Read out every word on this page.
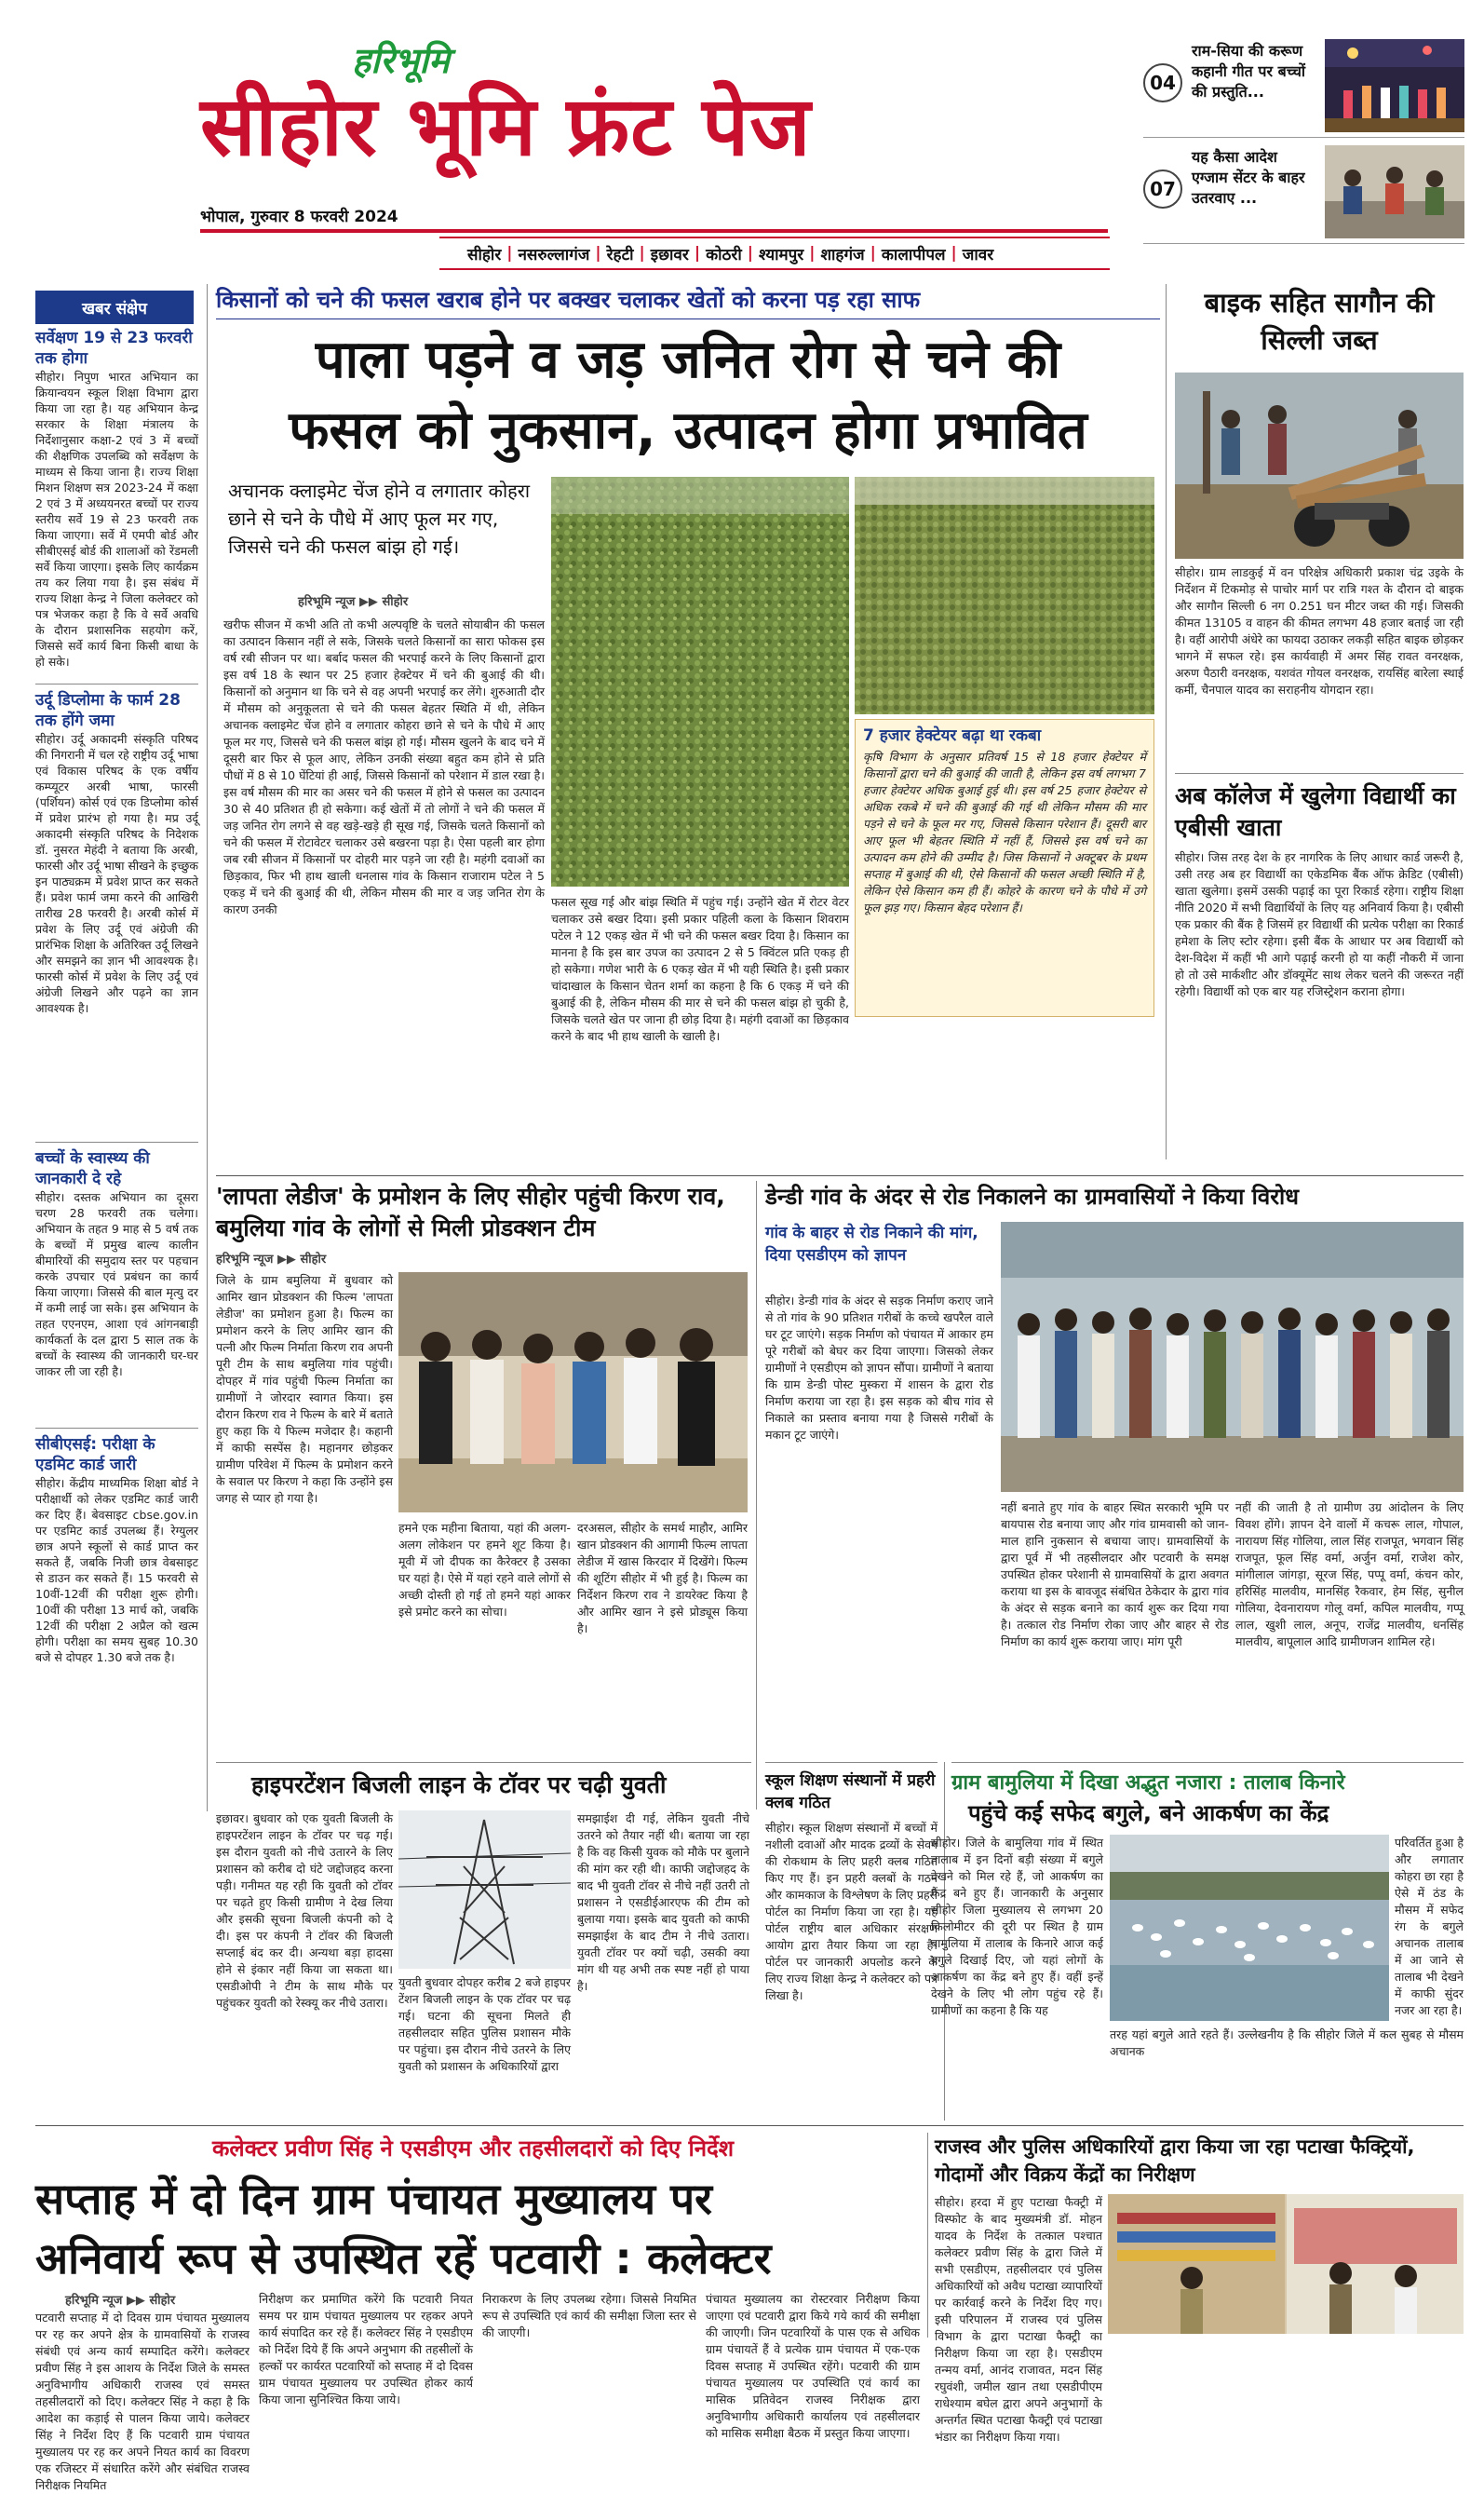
हरिभूमि
सीहोर भूमि फ्रंट पेज
भोपाल, गुरुवार 8 फरवरी 2024
सीहोर | नसरुल्लागंज | रेहटी | इछावर | कोठरी | श्यामपुर | शाहगंज | कालापीपल | जावर
04
राम-सिया की करूण कहानी गीत पर बच्चों की प्रस्तुति...
07
यह कैसा आदेश एग्जाम सेंटर के बाहर उतरवाए ...
खबर संक्षेप
सर्वेक्षण 19 से 23 फरवरी तक होगा
सीहोर। निपुण भारत अभियान का क्रियान्वयन स्कूल शिक्षा विभाग द्वारा किया जा रहा है। यह अभियान केन्द्र सरकार के शिक्षा मंत्रालय के निर्देशानुसार कक्षा-2 एवं 3 में बच्चों की शैक्षणिक उपलब्धि को सर्वेक्षण के माध्यम से किया जाना है। राज्य शिक्षा मिशन शिक्षण सत्र 2023-24 में कक्षा 2 एवं 3 में अध्ययनरत बच्चों पर राज्य स्तरीय सर्वे 19 से 23 फरवरी तक किया जाएगा। सर्वे में एमपी बोर्ड और सीबीएसई बोर्ड की शालाओं को रेंडमली सर्वे किया जाएगा। इसके लिए कार्यक्रम तय कर लिया गया है। इस संबंध में राज्य शिक्षा केन्द्र ने जिला कलेक्टर को पत्र भेजकर कहा है कि वे सर्वे अवधि के दौरान प्रशासनिक सहयोग करें, जिससे सर्वे कार्य बिना किसी बाधा के हो सके।
उर्दू डिप्लोमा के फार्म 28 तक होंगे जमा
सीहोर। उर्दू अकादमी संस्कृति परिषद की निगरानी में चल रहे राष्ट्रीय उर्दू भाषा एवं विकास परिषद के एक वर्षीय कम्प्यूटर अरबी भाषा, फारसी (पर्शियन) कोर्स एवं एक डिप्लोमा कोर्स में प्रवेश प्रारंभ हो गया है। मप्र उर्दू अकादमी संस्कृति परिषद के निदेशक डॉ. नुसरत मेहंदी ने बताया कि अरबी, फारसी और उर्दू भाषा सीखने के इच्छुक इन पाठ्यक्रम में प्रवेश प्राप्त कर सकते हैं। प्रवेश फार्म जमा करने की आखिरी तारीख 28 फरवरी है। अरबी कोर्स में प्रवेश के लिए उर्दू एवं अंग्रेजी की प्रारंभिक शिक्षा के अतिरिक्त उर्दू लिखने और समझने का ज्ञान भी आवश्यक है। फारसी कोर्स में प्रवेश के लिए उर्दू एवं अंग्रेजी लिखने और पढ़ने का ज्ञान आवश्यक है।
बच्चों के स्वास्थ्य की जानकारी दे रहे
सीहोर। दस्तक अभियान का दूसरा चरण 28 फरवरी तक चलेगा। अभियान के तहत 9 माह से 5 वर्ष तक के बच्चों में प्रमुख बाल्य कालीन बीमारियों की समुदाय स्तर पर पहचान करके उपचार एवं प्रबंधन का कार्य किया जाएगा। जिससे की बाल मृत्यु दर में कमी लाई जा सके। इस अभियान के तहत एएनएम, आशा एवं आंगनबाड़ी कार्यकर्ता के दल द्वारा 5 साल तक के बच्चों के स्वास्थ्य की जानकारी घर-घर जाकर ली जा रही है।
सीबीएसई: परीक्षा के एडमिट कार्ड जारी
सीहोर। केंद्रीय माध्यमिक शिक्षा बोर्ड ने परीक्षार्थी को लेकर एडमिट कार्ड जारी कर दिए हैं। बेवसाइट cbse.gov.in पर एडमिट कार्ड उपलब्ध हैं। रेग्युलर छात्र अपने स्कूलों से कार्ड प्राप्त कर सकते हैं, जबकि निजी छात्र वेबसाइट से डाउन कर सकते हैं। 15 फरवरी से 10वीं-12वीं की परीक्षा शुरू होगी। 10वीं की परीक्षा 13 मार्च को, जबकि 12वीं की परीक्षा 2 अप्रैल को खत्म होगी। परीक्षा का समय सुबह 10.30 बजे से दोपहर 1.30 बजे तक है।
किसानों को चने की फसल खराब होने पर बक्खर चलाकर खेतों को करना पड़ रहा साफ
पाला पड़ने व जड़ जनित रोग से चने की
फसल को नुकसान, उत्पादन होगा प्रभावित
अचानक क्लाइमेट चेंज होने व लगातार कोहरा छाने से चने के पौधे में आए फूल मर गए, जिससे चने की फसल बांझ हो गई।
हरिभूमि न्यूज ▶▶ सीहोर
खरीफ सीजन में कभी अति तो कभी अल्पवृष्टि के चलते सोयाबीन की फसल का उत्पादन किसान नहीं ले सके, जिसके चलते किसानों का सारा फोकस इस वर्ष रबी सीजन पर था। बर्बाद फसल की भरपाई करने के लिए किसानों द्वारा इस वर्ष 18 के स्थान पर 25 हजार हेक्टेयर में चने की बुआई की थी। किसानों को अनुमान था कि चने से वह अपनी भरपाई कर लेंगे। शुरुआती दौर में मौसम को अनुकूलता से चने की फसल बेहतर स्थिति में थी, लेकिन अचानक क्लाइमेट चेंज होने व लगातार कोहरा छाने से चने के पौधे में आए फूल मर गए, जिससे चने की फसल बांझ हो गई। मौसम खुलने के बाद चने में दूसरी बार फिर से फूल आए, लेकिन उनकी संख्या बहुत कम होने से प्रति पौधों में 8 से 10 घेंटियां ही आई, जिससे किसानों को परेशान में डाल रखा है। इस वर्ष मौसम की मार का असर चने की फसल में होने से फसल का उत्पादन 30 से 40 प्रतिशत ही हो सकेगा। कई खेतों में तो लोगों ने चने की फसल में जड़ जनित रोग लगने से वह खड़े-खड़े ही सूख गई, जिसके चलते किसानों को चने की फसल में रोटावेटर चलाकर उसे बखरना पड़ा है। ऐसा पहली बार होगा जब रबी सीजन में किसानों पर दोहरी मार पड़ने जा रही है। महंगी दवाओं का छिड़काव, फिर भी हाथ खाली धनलास गांव के किसान राजाराम पटेल ने 5 एकड़ में चने की बुआई की थी, लेकिन मौसम की मार व जड़ जनित रोग के कारण उनकी
7 हजार हेक्टेयर बढ़ा था रकबा
कृषि विभाग के अनुसार प्रतिवर्ष 15 से 18 हजार हेक्टेयर में किसानों द्वारा चने की बुआई की जाती है, लेकिन इस वर्ष लगभग 7 हजार हेक्टेयर अधिक बुआई हुई थी। इस वर्ष 25 हजार हेक्टेयर से अधिक रकबे में चने की बुआई की गई थी लेकिन मौसम की मार पड़ने से चने के फूल मर गए, जिससे किसान परेशान हैं। दूसरी बार आए फूल भी बेहतर स्थिति में नहीं हैं, जिससे इस वर्ष चने का उत्पादन कम होने की उम्मीद है। जिस किसानों ने अक्टूबर के प्रथम सप्ताह में बुआई की थी, ऐसे किसानों की फसल अच्छी स्थिति में है, लेकिन ऐसे किसान कम ही हैं। कोहरे के कारण चने के पौधे में उगे फूल झड़ गए। किसान बेहद परेशान हैं।
फसल सूख गई और बांझ स्थिति में पहुंच गई। उन्होंने खेत में रोटर वेटर चलाकर उसे बखर दिया। इसी प्रकार पहिली कला के किसान शिवराम पटेल ने 12 एकड़ खेत में भी चने की फसल बखर दिया है। किसान का मानना है कि इस बार उपज का उत्पादन 2 से 5 क्विंटल प्रति एकड़ ही हो सकेगा। गणेश भारी के 6 एकड़ खेत में भी यही स्थिति है। इसी प्रकार चांदाखाल के किसान चेतन शर्मा का कहना है कि 6 एकड़ में चने की बुआई की है, लेकिन मौसम की मार से चने की फसल बांझ हो चुकी है, जिसके चलते खेत पर जाना ही छोड़ दिया है। महंगी दवाओं का छिड़काव करने के बाद भी हाथ खाली के खाली है।
बाइक सहित सागौन की सिल्ली जब्त
सीहोर। ग्राम लाडकुई में वन परिक्षेत्र अधिकारी प्रकाश चंद्र उइके के निर्देशन में टिकमोड़ से पाचोर मार्ग पर रात्रि गश्त के दौरान दो बाइक और सागौन सिल्ली 6 नग 0.251 घन मीटर जब्त की गई। जिसकी कीमत 13105 व वाहन की कीमत लगभग 48 हजार बताई जा रही है। वहीं आरोपी अंधेरे का फायदा उठाकर लकड़ी सहित बाइक छोड़कर भागने में सफल रहे। इस कार्यवाही में अमर सिंह रावत वनरक्षक, अरुण पैठारी वनरक्षक, यशवंत गोयल वनरक्षक, रायसिंह बारेला स्थाई कर्मी, चैनपाल यादव का सराहनीय योगदान रहा।
अब कॉलेज में खुलेगा विद्यार्थी का एबीसी खाता
सीहोर। जिस तरह देश के हर नागरिक के लिए आधार कार्ड जरूरी है, उसी तरह अब हर विद्यार्थी का एकेडमिक बैंक ऑफ क्रेडिट (एबीसी) खाता खुलेगा। इसमें उसकी पढ़ाई का पूरा रिकार्ड रहेगा। राष्ट्रीय शिक्षा नीति 2020 में सभी विद्यार्थियों के लिए यह अनिवार्य किया है। एबीसी एक प्रकार की बैंक है जिसमें हर विद्यार्थी की प्रत्येक परीक्षा का रिकार्ड हमेशा के लिए स्टोर रहेगा। इसी बैंक के आधार पर अब विद्यार्थी को देश-विदेश में कहीं भी आगे पढ़ाई करनी हो या कहीं नौकरी में जाना हो तो उसे मार्कशीट और डॉक्यूमेंट साथ लेकर चलने की जरूरत नहीं रहेगी। विद्यार्थी को एक बार यह रजिस्ट्रेशन कराना होगा।
'लापता लेडीज' के प्रमोशन के लिए सीहोर पहुंची किरण राव, बमुलिया गांव के लोगों से मिली प्रोडक्शन टीम
हरिभूमि न्यूज ▶▶ सीहोर
जिले के ग्राम बमुलिया में बुधवार को आमिर खान प्रोडक्शन की फिल्म 'लापता लेडीज' का प्रमोशन हुआ है। फिल्म का प्रमोशन करने के लिए आमिर खान की पत्नी और फिल्म निर्माता किरण राव अपनी पूरी टीम के साथ बमुलिया गांव पहुंची। दोपहर में गांव पहुंची फिल्म निर्माता का ग्रामीणों ने जोरदार स्वागत किया। इस दौरान किरण राव ने फिल्म के बारे में बताते हुए कहा कि ये फिल्म मजेदार है। कहानी में काफी सस्पेंस है। महानगर छोड़कर ग्रामीण परिवेश में फिल्म के प्रमोशन करने के सवाल पर किरण ने कहा कि उन्होंने इस जगह से प्यार हो गया है।
हमने एक महीना बिताया, यहां की अलग-अलग लोकेशन पर हमने शूट किया है। मूवी में जो दीपक का कैरेक्टर है उसका घर यहां है। ऐसे में यहां रहने वाले लोगों से अच्छी दोस्ती हो गई तो हमने यहां आकर इसे प्रमोट करने का सोचा।
दरअसल, सीहोर के समर्थ माहौर, आमिर खान प्रोडक्शन की आगामी फिल्म लापता लेडीज में खास किरदार में दिखेंगे। फिल्म की शूटिंग सीहोर में भी हुई है। फिल्म का निर्देशन किरण राव ने डायरेक्ट किया है और आमिर खान ने इसे प्रोड्यूस किया है।
डेन्डी गांव के अंदर से रोड निकालने का ग्रामवासियों ने किया विरोध
गांव के बाहर से रोड निकाने की मांग, दिया एसडीएम को ज्ञापन
सीहोर। डेन्डी गांव के अंदर से सड़क निर्माण कराए जाने से तो गांव के 90 प्रतिशत गरीबों के कच्चे खपरैल वाले घर टूट जाएंगे। सड़क निर्माण को पंचायत में आकार हम पूरे गरीबों को बेघर कर दिया जाएगा। जिसको लेकर ग्रामीणों ने एसडीएम को ज्ञापन सौंपा। ग्रामीणों ने बताया कि ग्राम डेन्डी पोस्ट मुस्करा में शासन के द्वारा रोड निर्माण कराया जा रहा है। इस सड़क को बीच गांव से निकाले का प्रस्ताव बनाया गया है जिससे गरीबों के मकान टूट जाएंगे।
नहीं बनाते हुए गांव के बाहर स्थित सरकारी भूमि पर बायपास रोड बनाया जाए और गांव ग्रामवासी को जान-माल हानि नुकसान से बचाया जाए। ग्रामवासियों के द्वारा पूर्व में भी तहसीलदार और पटवारी के समक्ष उपस्थित होकर परेशानी से ग्रामवासियों के द्वारा अवगत कराया था इस के बावजूद संबंधित ठेकेदार के द्वारा गांव के अंदर से सड़क बनाने का कार्य शुरू कर दिया गया है। तत्काल रोड निर्माण रोका जाए और बाहर से रोड निर्माण का कार्य शुरू कराया जाए। मांग पूरी
नहीं की जाती है तो ग्रामीण उग्र आंदोलन के लिए विवश होंगे। ज्ञापन देने वालों में कचरू लाल, गोपाल, नारायण सिंह गोलिया, लाल सिंह राजपूत, भगवान सिंह राजपूत, फूल सिंह वर्मा, अर्जुन वर्मा, राजेश कोर, मांगीलाल जांगड़ा, सूरज सिंह, पप्पू वर्मा, कंचन कोर, हरिसिंह मालवीय, मानसिंह रैकवार, हेम सिंह, सुनील गोलिया, देवनारायण गोलू वर्मा, कपिल मालवीय, गप्पू लाल, खुशी लाल, अनूप, राजेंद्र मालवीय, धनसिंह मालवीय, बापूलाल आदि ग्रामीणजन शामिल रहे।
हाइपरटेंशन बिजली लाइन के टॉवर पर चढ़ी युवती
इछावर। बुधवार को एक युवती बिजली के हाइपरटेंशन लाइन के टॉवर पर चढ़ गई। इस दौरान युवती को नीचे उतारने के लिए प्रशासन को करीब दो घंटे जद्दोजहद करना पड़ी। गनीमत यह रही कि युवती को टॉवर पर चढ़ते हुए किसी ग्रामीण ने देख लिया और इसकी सूचना बिजली कंपनी को दे दी। इस पर कंपनी ने टॉवर की बिजली सप्लाई बंद कर दी। अन्यथा बड़ा हादसा होने से इंकार नहीं किया जा सकता था। एसडीओपी ने टीम के साथ मौके पर पहुंचकर युवती को रेस्क्यू कर नीचे उतारा।
युवती बुधवार दोपहर करीब 2 बजे हाइपर टेंशन बिजली लाइन के एक टॉवर पर चढ़ गई। घटना की सूचना मिलते ही तहसीलदार सहित पुलिस प्रशासन मौके पर पहुंचा। इस दौरान नीचे उतरने के लिए युवती को प्रशासन के अधिकारियों द्वारा
समझाईश दी गई, लेकिन युवती नीचे उतरने को तैयार नहीं थी। बताया जा रहा है कि वह किसी युवक को मौके पर बुलाने की मांग कर रही थी। काफी जद्दोजहद के बाद भी युवती टॉवर से नीचे नहीं उतरी तो प्रशासन ने एसडीईआरएफ की टीम को बुलाया गया। इसके बाद युवती को काफी समझाईश के बाद टीम ने नीचे उतारा। युवती टॉवर पर क्यों चढ़ी, उसकी क्या मांग थी यह अभी तक स्पष्ट नहीं हो पाया है।
स्कूल शिक्षण संस्थानों में प्रहरी क्लब गठित
सीहोर। स्कूल शिक्षण संस्थानों में बच्चों में नशीली दवाओं और मादक द्रव्यों के सेवन की रोकथाम के लिए प्रहरी क्लब गठित किए गए हैं। इन प्रहरी क्लबों के गठन और कामकाज के विश्लेषण के लिए प्रहरी पोर्टल का निर्माण किया जा रहा है। यह पोर्टल राष्ट्रीय बाल अधिकार संरक्षण आयोग द्वारा तैयार किया जा रहा है। पोर्टल पर जानकारी अपलोड करने के लिए राज्य शिक्षा केन्द्र ने कलेक्टर को पत्र लिखा है।
ग्राम बामुलिया में दिखा अद्भुत नजारा : तालाब किनारे
पहुंचे कई सफेद बगुले, बने आकर्षण का केंद्र
सीहोर। जिले के बामुलिया गांव में स्थित तालाब में इन दिनों बड़ी संख्या में बगुले देखने को मिल रहे हैं, जो आकर्षण का केंद्र बने हुए हैं। जानकारी के अनुसार सीहोर जिला मुख्यालय से लगभग 20 किलोमीटर की दूरी पर स्थित है ग्राम बामुलिया में तालाब के किनारे आज कई बगुले दिखाई दिए, जो यहां लोगों के आकर्षण का केंद्र बने हुए हैं। वहीं इन्हें देखने के लिए भी लोग पहुंच रहे हैं। ग्रामीणों का कहना है कि यह
परिवर्तित हुआ है और लगातार कोहरा छा रहा है ऐसे में ठंड के मौसम में सफेद रंग के बगुले अचानक तालाब में आ जाने से तालाब भी देखने में काफी सुंदर नजर आ रहा है।
तरह यहां बगुले आते रहते हैं। उल्लेखनीय है कि सीहोर जिले में कल सुबह से मौसम अचानक
कलेक्टर प्रवीण सिंह ने एसडीएम और तहसीलदारों को दिए निर्देश
सप्ताह में दो दिन ग्राम पंचायत मुख्यालय पर
अनिवार्य रूप से उपस्थित रहें पटवारी : कलेक्टर
हरिभूमि न्यूज ▶▶ सीहोर
पटवारी सप्ताह में दो दिवस ग्राम पंचायत मुख्यालय पर रह कर अपने क्षेत्र के ग्रामवासियों के राजस्व संबंधी एवं अन्य कार्य सम्पादित करेंगे। कलेक्टर प्रवीण सिंह ने इस आशय के निर्देश जिले के समस्त अनुविभागीय अधिकारी राजस्व एवं समस्त तहसीलदारों को दिए। कलेक्टर सिंह ने कहा है कि आदेश का कड़ाई से पालन किया जाये। कलेक्टर सिंह ने निर्देश दिए हैं कि पटवारी ग्राम पंचायत मुख्यालय पर रह कर अपने नियत कार्य का विवरण एक रजिस्टर में संधारित करेंगे और संबंधित राजस्व निरीक्षक नियमित
निरीक्षण कर प्रमाणित करेंगे कि पटवारी नियत समय पर ग्राम पंचायत मुख्यालय पर रहकर अपने कार्य संपादित कर रहे हैं। कलेक्टर सिंह ने एसडीएम को निर्देश दिये हैं कि अपने अनुभाग की तहसीलों के हल्कों पर कार्यरत पटवारियों को सप्ताह में दो दिवस ग्राम पंचायत मुख्यालय पर उपस्थित होकर कार्य किया जाना सुनिश्चित किया जाये।
निराकरण के लिए उपलब्ध रहेगा। जिससे नियमित रूप से उपस्थिति एवं कार्य की समीक्षा जिला स्तर से की जाएगी।
पंचायत मुख्यालय का रोस्टरवार निरीक्षण किया जाएगा एवं पटवारी द्वारा किये गये कार्य की समीक्षा की जाएगी। जिन पटवारियों के पास एक से अधिक ग्राम पंचायतें हैं वे प्रत्येक ग्राम पंचायत में एक-एक दिवस सप्ताह में उपस्थित रहेंगे। पटवारी की ग्राम पंचायत मुख्यालय पर उपस्थिति एवं कार्य का मासिक प्रतिवेदन राजस्व निरीक्षक द्वारा अनुविभागीय अधिकारी कार्यालय एवं तहसीलदार को मासिक समीक्षा बैठक में प्रस्तुत किया जाएगा।
राजस्व और पुलिस अधिकारियों द्वारा किया जा रहा पटाखा फैक्ट्रियों, गोदामों और विक्रय केंद्रों का निरीक्षण
सीहोर। हरदा में हुए पटाखा फैक्ट्री में विस्फोट के बाद मुख्यमंत्री डॉ. मोहन यादव के निर्देश के तत्काल पश्चात कलेक्टर प्रवीण सिंह के द्वारा जिले में सभी एसडीएम, तहसीलदार एवं पुलिस अधिकारियों को अवैध पटाखा व्यापारियों पर कार्रवाई करने के निर्देश दिए गए। इसी परिपालन में राजस्व एवं पुलिस विभाग के द्वारा पटाखा फैक्ट्री का निरीक्षण किया जा रहा है। एसडीएम तन्मय वर्मा, आनंद राजावत, मदन सिंह रघुवंशी, जमील खान तथा एसडीपीएम राधेश्याम बघेल द्वारा अपने अनुभागों के अन्तर्गत स्थित पटाखा फैक्ट्री एवं पटाखा भंडार का निरीक्षण किया गया।
